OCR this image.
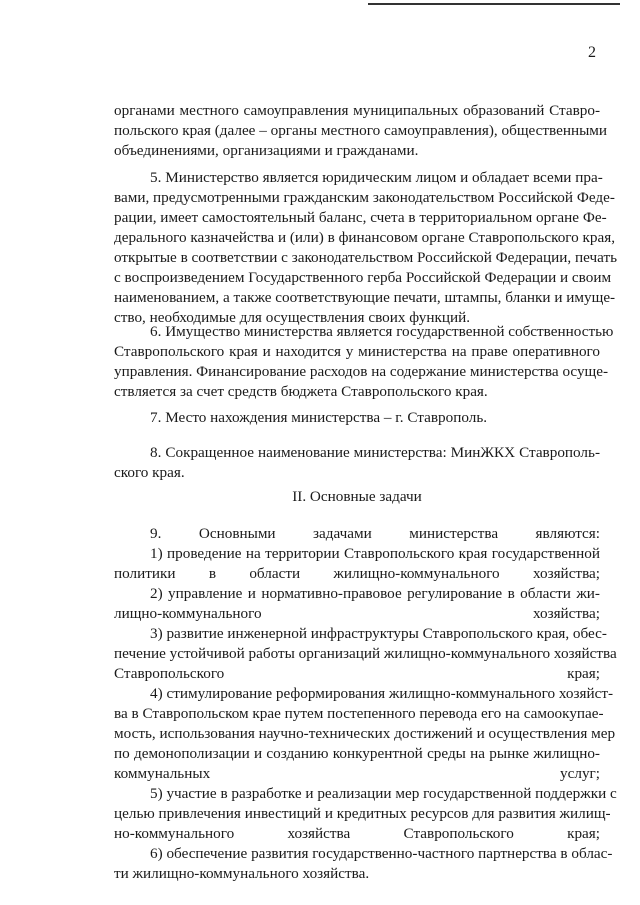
2
органами местного самоуправления муниципальных образований Ставро-
польского края (далее – органы местного самоуправления), общественными
объединениями, организациями и гражданами.
5. Министерство является юридическим лицом и обладает всеми пра-
вами, предусмотренными гражданским законодательством Российской Феде-
рации, имеет самостоятельный баланс, счета в территориальном органе Фе-
дерального казначейства и (или) в финансовом органе Ставропольского края,
открытые в соответствии с законодательством Российской Федерации, печать
с воспроизведением Государственного герба Российской Федерации и своим
наименованием, а также соответствующие печати, штампы, бланки и имуще-
ство, необходимые для осуществления своих функций.
6. Имущество министерства является государственной собственностью
Ставропольского края и находится у министерства на праве оперативного
управления. Финансирование расходов на содержание министерства осуще-
ствляется за счет средств бюджета Ставропольского края.
7. Место нахождения министерства – г. Ставрополь.
8. Сокращенное наименование министерства: МинЖКХ Ставрополь-
ского края.
II. Основные задачи
9. Основными задачами министерства являются:
1) проведение на территории Ставропольского края государственной
политики в области жилищно-коммунального хозяйства;
2) управление и нормативно-правовое регулирование в области жи-
лищно-коммунального хозяйства;
3) развитие инженерной инфраструктуры Ставропольского края, обес-
печение устойчивой работы организаций жилищно-коммунального хозяйства
Ставропольского края;
4) стимулирование реформирования жилищно-коммунального хозяйст-
ва в Ставропольском крае путем постепенного перевода его на самоокупае-
мость, использования научно-технических достижений и осуществления мер
по демонополизации и созданию конкурентной среды на рынке жилищно-
коммунальных услуг;
5) участие в разработке и реализации мер государственной поддержки с
целью привлечения инвестиций и кредитных ресурсов для развития жилищ-
но-коммунального хозяйства Ставропольского края;
6) обеспечение развития государственно-частного партнерства в облас-
ти жилищно-коммунального хозяйства.
